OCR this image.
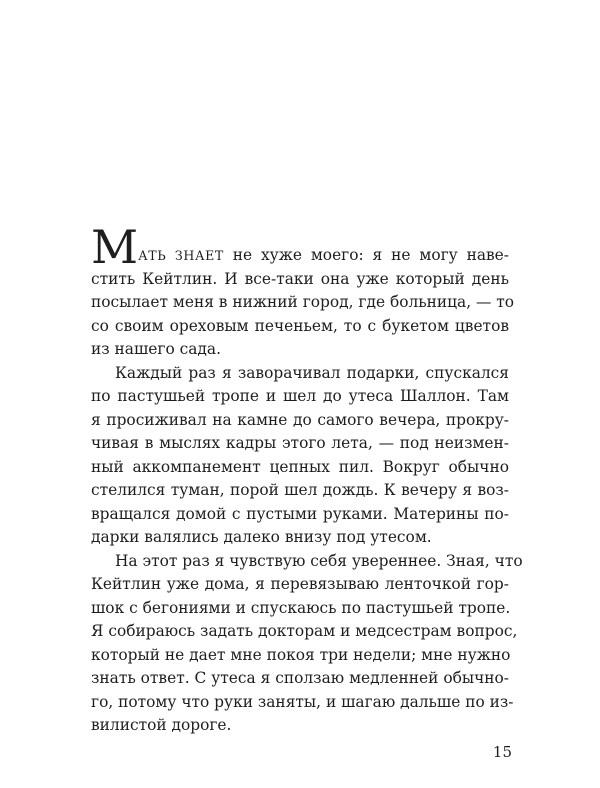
МАТЬ ЗНАЕТ не хуже моего: я не могу наве-
стить Кейтлин. И все-таки она уже который день
посылает меня в нижний город, где больница, — то
со своим ореховым печеньем, то с букетом цветов
из нашего сада.
Каждый раз я заворачивал подарки, спускался
по пастушьей тропе и шел до утеса Шаллон. Там
я просиживал на камне до самого вечера, прокру-
чивая в мыслях кадры этого лета, — под неизмен-
ный аккомпанемент цепных пил. Вокруг обычно
стелился туман, порой шел дождь. К вечеру я воз-
вращался домой с пустыми руками. Материны по-
дарки валялись далеко внизу под утесом.
На этот раз я чувствую себя увереннее. Зная, что
Кейтлин уже дома, я перевязываю ленточкой гор-
шок с бегониями и спускаюсь по пастушьей тропе.
Я собираюсь задать докторам и медсестрам вопрос,
который не дает мне покоя три недели; мне нужно
знать ответ. С утеса я сползаю медленней обычно-
го, потому что руки заняты, и шагаю дальше по из-
вилистой дороге.
15
